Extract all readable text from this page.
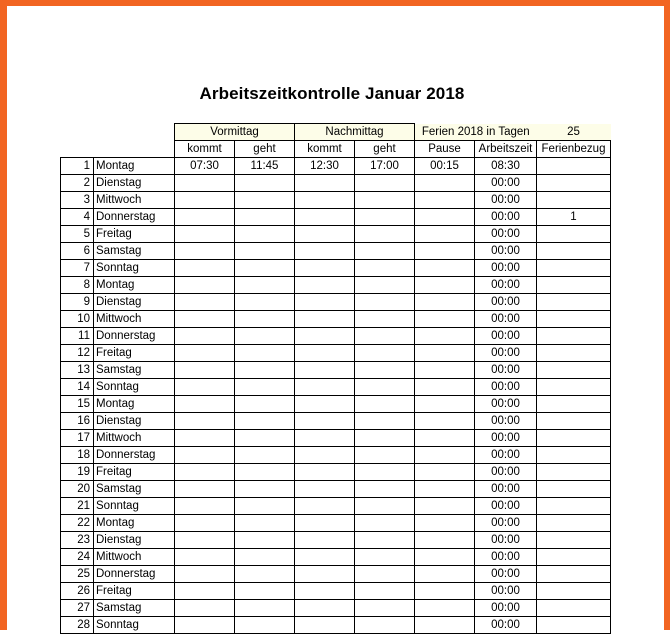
Arbeitszeitkontrolle Januar 2018
		Vormittag		Nachmittag		Ferien 2018 in Tagen		25
		kommt	geht	kommt	geht	Pause	Arbeitszeit	Ferienbezug
1	Montag	07:30	11:45	12:30	17:00	00:15	08:30	
2	Dienstag						00:00	
3	Mittwoch						00:00	
4	Donnerstag						00:00	1
5	Freitag						00:00	
6	Samstag						00:00	
7	Sonntag						00:00	
8	Montag						00:00	
9	Dienstag						00:00	
10	Mittwoch						00:00	
11	Donnerstag						00:00	
12	Freitag						00:00	
13	Samstag						00:00	
14	Sonntag						00:00	
15	Montag						00:00	
16	Dienstag						00:00	
17	Mittwoch						00:00	
18	Donnerstag						00:00	
19	Freitag						00:00	
20	Samstag						00:00	
21	Sonntag						00:00	
22	Montag						00:00	
23	Dienstag						00:00	
24	Mittwoch						00:00	
25	Donnerstag						00:00	
26	Freitag						00:00	
27	Samstag						00:00	
28	Sonntag						00:00	
